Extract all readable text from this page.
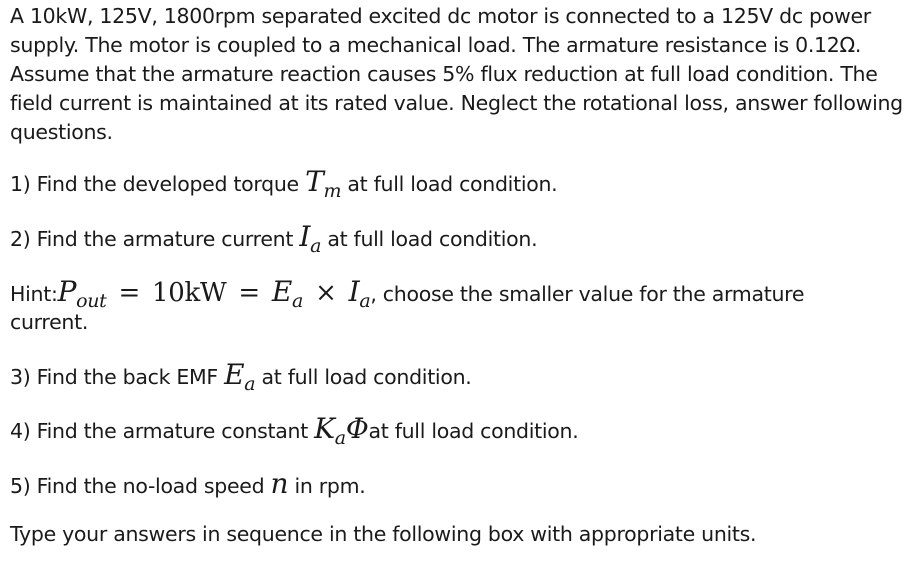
A 10kW, 125V, 1800rpm separated excited dc motor is connected to a 125V dc power supply. The motor is coupled to a mechanical load. The armature resistance is 0.12Ω. Assume that the armature reaction causes 5% flux reduction at full load condition. The field current is maintained at its rated value. Neglect the rotational loss, answer following questions.

1) Find the developed torque Tm at full load condition.
2) Find the armature current Ia at full load condition.
Hint:Pout = 10kW = Ea × Ia, choose the smaller value for the armature
current.
3) Find the back EMF Ea at full load condition.
4) Find the armature constant KaΦat full load condition.
5) Find the no-load speed n in rpm.
Type your answers in sequence in the following box with appropriate units.
